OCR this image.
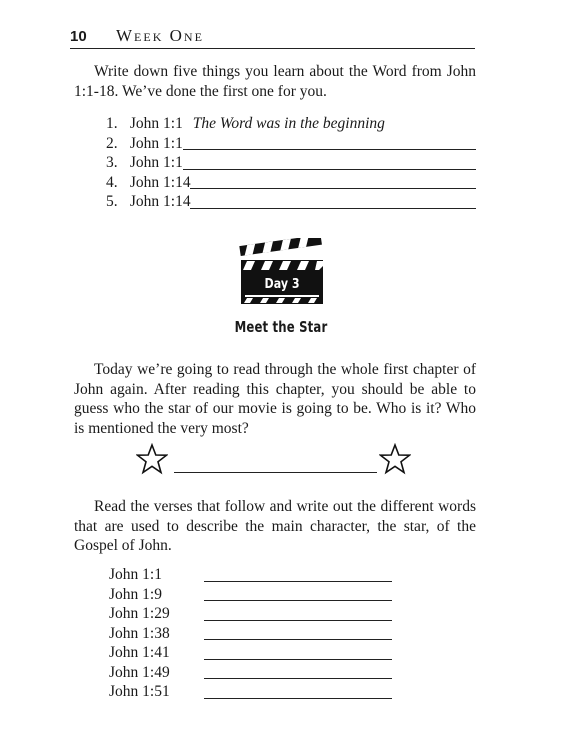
10 Week One
Write down five things you learn about the Word from John 1:1-18. We’ve done the first one for you.
1. John 1:1 The Word was in the beginning
2. John 1:1
3. John 1:1
4. John 1:14
5. John 1:14
Day 3
Meet the Star
Today we’re going to read through the whole first chapter of John again. After reading this chapter, you should be able to guess who the star of our movie is going to be. Who is it? Who is mentioned the very most?
Read the verses that follow and write out the different words that are used to describe the main character, the star, of the Gospel of John.
John 1:1
John 1:9
John 1:29
John 1:38
John 1:41
John 1:49
John 1:51
